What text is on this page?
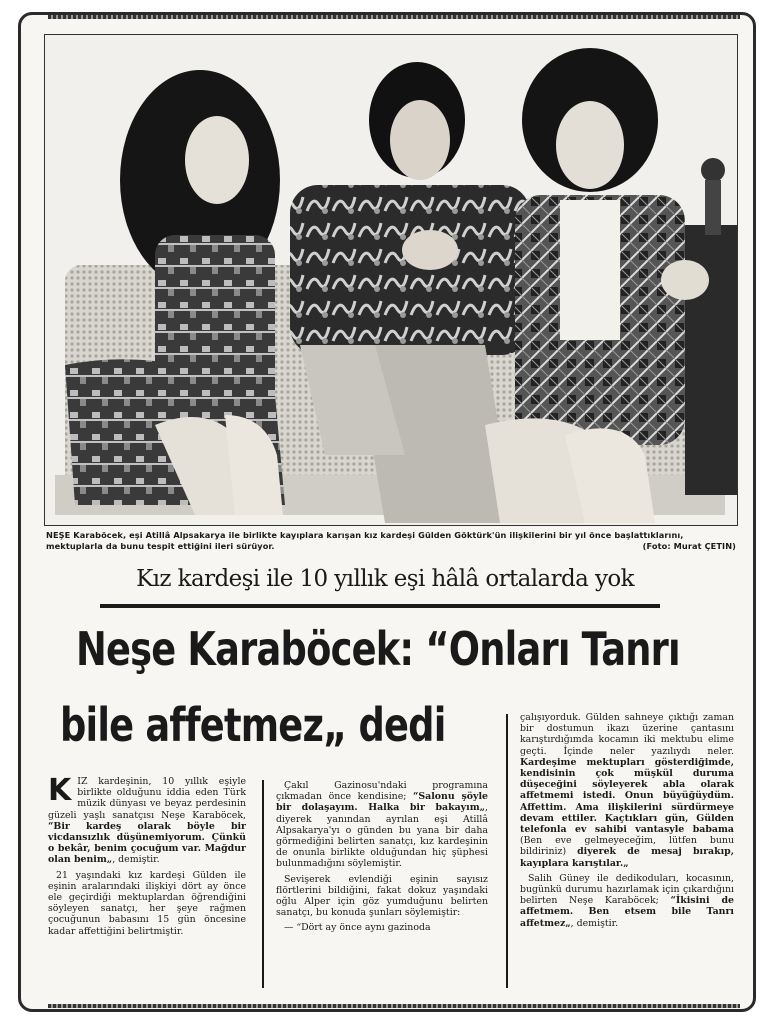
NEŞE Karaböcek, eşi Atillâ Alpsakarya ile birlikte kayıplara karışan kız kardeşi Gülden Göktürk'ün ilişkilerini bir yıl önce başlattıklarını, mektuplarla da bunu tespit ettiğini ileri sürüyor.	(Foto: Murat ÇETIN)
Kız kardeşi ile 10 yıllık eşi hâlâ ortalarda yok
Neşe Karaböcek: “Onları Tanrı
bile affetmez„ dedi

KIZ kardeşinin, 10 yıllık eşiyle birlikte olduğunu iddia eden Türk müzik dünyası ve beyaz perdesinin güzeli yaşlı sanatçısı Neşe Karaböcek, “Bir kardeş olarak böyle bir vicdansızlık düşünemiyorum. Çünkü o bekâr, benim çocuğum var. Mağdur olan benim„, demiştir.

21 yaşındaki kız kardeşi Gülden ile eşinin aralarındaki ilişkiyi dört ay önce ele geçirdiği mektuplardan öğrendiğini söyleyen sanatçı, her şeye rağmen çocuğunun babasını 15 gün öncesine kadar affettiğini belirtmiştir.

Çakıl Gazinosu'ndaki programına çıkmadan önce kendisine; “Salonu şöyle bir dolaşayım. Halka bir bakayım„, diyerek yanından ayrılan eşi Atillâ Alpsakarya'yı o günden bu yana bir daha görmediğini belirten sanatçı, kız kardeşinin de onunla birlikte olduğundan hiç şüphesi bulunmadığını söylemiştir.

Sevişerek evlendiği eşinin sayısız flörtlerini bildiğini, fakat dokuz yaşındaki oğlu Alper için göz yumduğunu belirten sanatçı, bu konuda şunları söylemiştir:

— “Dört ay önce aynı gazinoda

çalışıyorduk. Gülden sahneye çıktığı zaman bir dostumun ikazı üzerine çantasını karıştırdığımda kocamın iki mektubu elime geçti. İçinde neler yazılıydı neler. Kardeşime mektupları gösterdiğimde, kendisinin çok müşkül duruma düşeceğini söyleyerek abla olarak affetmemi istedi. Onun büyüğüydüm. Affettim. Ama ilişkilerini sürdürmeye devam ettiler. Kaçtıkları gün, Gülden telefonla ev sahibi vantasyle babama (Ben eve gelmeyeceğim, lütfen bunu bildiriniz) diyerek de mesaj bırakıp, kayıplara karıştılar.„

Salih Güney ile dedikoduları, kocasının, bugünkü durumu hazırlamak için çıkardığını belirten Neşe Karaböcek; “İkisini de affetmem. Ben etsem bile Tanrı affetmez„, demiştir.
